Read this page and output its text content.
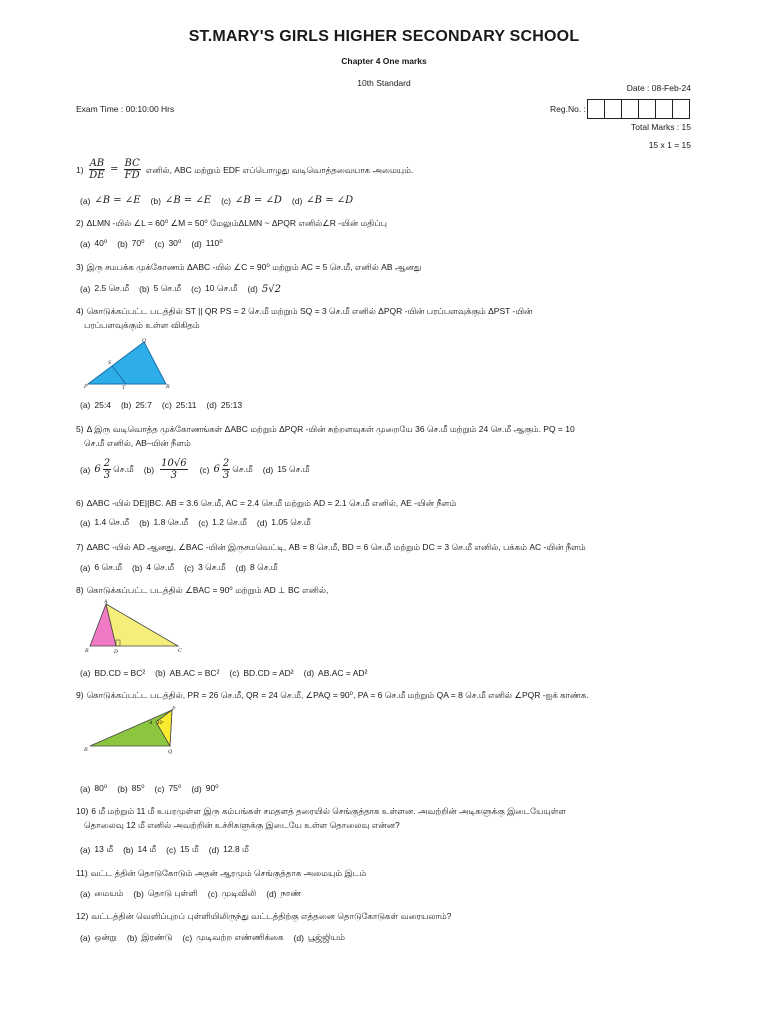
ST.MARY'S GIRLS HIGHER SECONDARY SCHOOL
Chapter 4 One marks
10th Standard	Date : 08-Feb-24
Exam Time : 00:10:00 Hrs	Reg.No. :
Total Marks : 15
15 x 1 = 15
$1) \frac{AB}{DE} = \frac{BC}{FD}$ எனில், ABC மற்றும் EDF எப்பொழுது வடிவொத்தவையாக அமையும்.
(a) ∠B = ∠E (b) ∠B = ∠E (c) ∠B = ∠D (d) ∠B = ∠D
2) ΔLMN -யில் ∠L = 60⁰ ∠M = 50⁰ மேலும்ΔLMN ~ ΔPQR எனில்∠R -யின் மதிப்பு
(a) 40⁰ (b) 70⁰ (c) 30⁰ (d) 110⁰
3) இரு சமபக்க முக்கோணம் ΔABC -யில் ∠C = 90⁰ மற்றும் AC = 5 செ.மீ, எனில் AB ஆனது
(a) 2.5 செ.மீ (b) 5 செ.மீ (c) 10 செ.மீ (d) 5√2
4) கொடுக்கப்பட்ட படத்தில் ST || QR PS = 2 செ.மீ மற்றும் SQ = 3 செ.மீ எனில் ΔPQR -யின் பரப்பளவுக்கும் ΔPST -யின்
பரப்பளவுக்கும் உள்ள விகிதம்
Q
S
P	T	R
(a) 25:4 (b) 25:7 (c) 25:11 (d) 25:13
5) Δ இரு வடிவொத்த முக்கோணங்கள் ΔABC மற்றும் ΔPQR -யின் சுற்றளவுகள் முறையே 36 செ.மீ மற்றும் 24 செ.மீ ஆகும். PQ = 10
செ.மீ எனில், AB–யின் நீளம்
(a) $6 \frac{2}{3}$ செ.மீ $(b) \frac{10√6}{3} (c)$ $6 \frac{2}{3}$ செ.மீ (d) 15 செ.மீ
6) ΔABC -யில் DE||BC. AB = 3.6 செ.மீ, AC = 2.4 செ.மீ மற்றும் AD = 2.1 செ.மீ எனில், AE -யின் நீளம்
(a) 1.4 செ.மீ (b) 1.8 செ.மீ (c) 1.2 செ.மீ (d) 1.05 செ.மீ
7) ΔABC -யில் AD ஆனது, ∠BAC -யின் இருசமவெட்டி, AB = 8 செ.மீ, BD = 6 செ.மீ மற்றும் DC = 3 செ.மீ எனில், பக்கம் AC -யின் நீளம்
(a) 6 செ.மீ (b) 4 செ.மீ (c) 3 செ.மீ (d) 8 செ.மீ
8) கொடுக்கப்பட்ட படத்தில் ∠BAC = 90⁰ மற்றும் AD ⊥ BC எனில்,
A
B	D	C
(a) BD.CD = BC² (b) AB.AC = BC² (c) BD.CD = AD² (d) AB.AC = AD²
9) கொடுக்கப்பட்ட படத்தில், PR = 26 செ.மீ, QR = 24 செ.மீ, ∠PAQ = 90⁰, PA = 6 செ.மீ மற்றும் QA = 8 செ.மீ எனில் ∠PQR -ஐக் காண்க.
P
A 20⁰
R	Q
(a) 80⁰ (b) 85⁰ (c) 75⁰ (d) 90⁰
10) 6 மீ மற்றும் 11 மீ உயரமுள்ள இரு கம்பங்கள் சமதளத் தரையில் செங்குத்தாக உள்ளன. அவற்றின் அடிகளுக்கு இடையேயுள்ள
தொலைவு 12 மீ எனில் அவற்றின் உச்சிகளுக்கு இடையே உள்ள தொலைவு என்ன?
(a) 13 மீ (b) 14 மீ (c) 15 மீ (d) 12.8 மீ
11) வட்ட த்தின் தொடுகோடும் அதன் ஆரமும் செங்குத்தாக அமையும் இடம்
(a) மையம் (b) தொடு புள்ளி (c) முடிவிலி (d) நாண்
12) வட்டத்தின் வெளிப்புறப் புள்ளியிலிருந்து வட்டத்திற்கு எத்தனை தொடுகோடுகள் வரையலாம்?
(a) ஒன்று (b) இரண்டு (c) முடிவற்ற எண்ணிக்கை (d) பூஜ்ஜியம்
